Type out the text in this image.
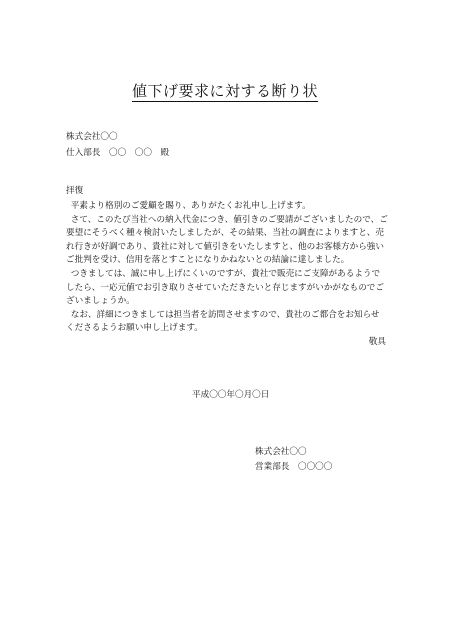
値下げ要求に対する断り状
株式会社〇〇
仕入部長　〇〇　〇〇　殿
拝復

平素より格別のご愛顧を賜り、ありがたくお礼申し上げます。

さて、このたび当社への納入代金につき、値引きのご要請がございましたので、ご要望にそうべく種々検討いたしましたが、その結果、当社の調査によりますと、売れ行きが好調であり、貴社に対して値引きをいたしますと、他のお客様方から強いご批判を受け、信用を落とすことになりかねないとの結論に達しました。

つきましては、誠に申し上げにくいのですが、貴社で販売にご支障があるようでしたら、一応元値でお引き取りさせていただきたいと存じますがいかがなものでございましょうか。

なお、詳細につきましては担当者を訪問させますので、貴社のご都合をお知らせくださるようお願い申し上げます。

敬具
平成〇〇年〇月〇日
株式会社〇〇
営業部長　〇〇〇〇
